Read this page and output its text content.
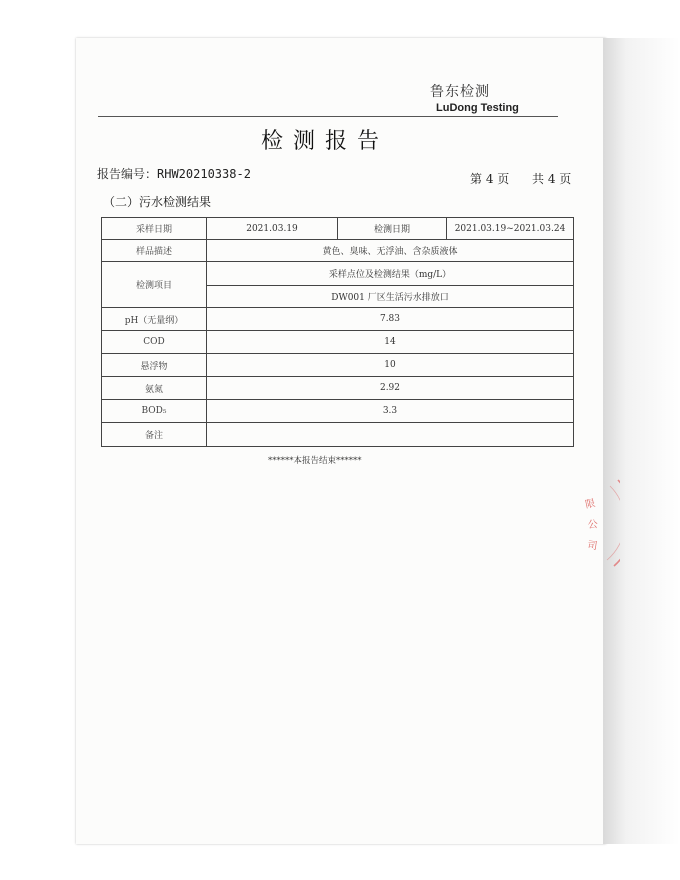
鲁东检测
LuDong Testing
检测报告
报告编号：RHW20210338-2	第 4 页 共 4 页
（二）污水检测结果
采样日期	2021.03.19	检测日期	2021.03.19~2021.03.24
样品描述	黄色、臭味、无浮油、含杂质液体		
检测项目	采样点位及检测结果（mg/L）		
	DW001 厂区生活污水排放口		
pH（无量纲）	7.83		
COD	14		
悬浮物	10		
氨氮	2.92		
BOD₅	3.3		
备注			
******本报告结束******
限
公
司
